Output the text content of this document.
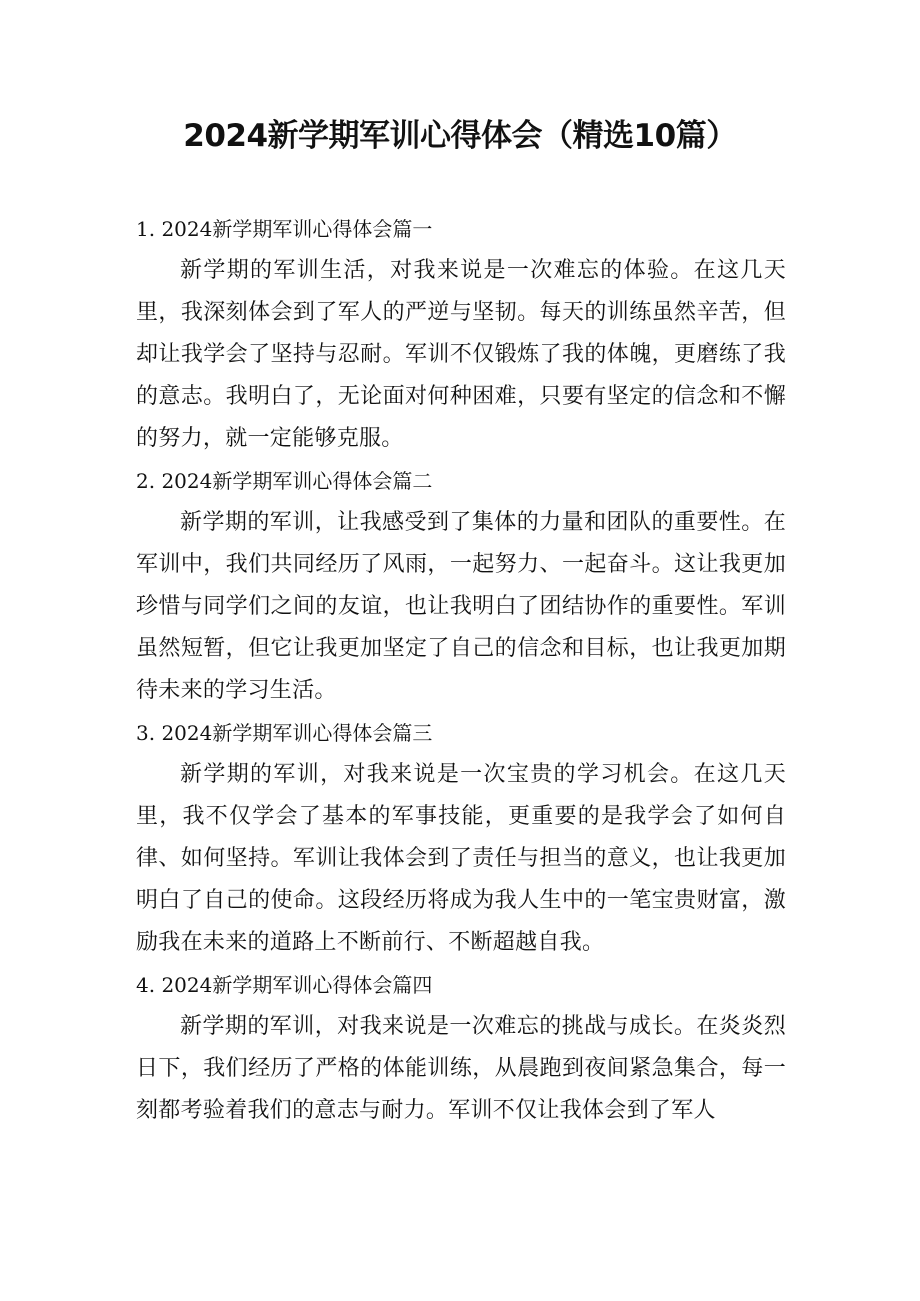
2024新学期军训心得体会（精选10篇）
1. 2024新学期军训心得体会篇一

新学期的军训生活，对我来说是一次难忘的体验。在这几天里，我深刻体会到了军人的严逆与坚韧。每天的训练虽然辛苦，但却让我学会了坚持与忍耐。军训不仅锻炼了我的体魄，更磨练了我的意志。我明白了，无论面对何种困难，只要有坚定的信念和不懈的努力，就一定能够克服。

2. 2024新学期军训心得体会篇二

新学期的军训，让我感受到了集体的力量和团队的重要性。在军训中，我们共同经历了风雨，一起努力、一起奋斗。这让我更加珍惜与同学们之间的友谊，也让我明白了团结协作的重要性。军训虽然短暂，但它让我更加坚定了自己的信念和目标，也让我更加期待未来的学习生活。

3. 2024新学期军训心得体会篇三

新学期的军训，对我来说是一次宝贵的学习机会。在这几天里，我不仅学会了基本的军事技能，更重要的是我学会了如何自律、如何坚持。军训让我体会到了责任与担当的意义，也让我更加明白了自己的使命。这段经历将成为我人生中的一笔宝贵财富，激励我在未来的道路上不断前行、不断超越自我。

4. 2024新学期军训心得体会篇四

新学期的军训，对我来说是一次难忘的挑战与成长。在炎炎烈日下，我们经历了严格的体能训练，从晨跑到夜间紧急集合，每一刻都考验着我们的意志与耐力。军训不仅让我体会到了军人
